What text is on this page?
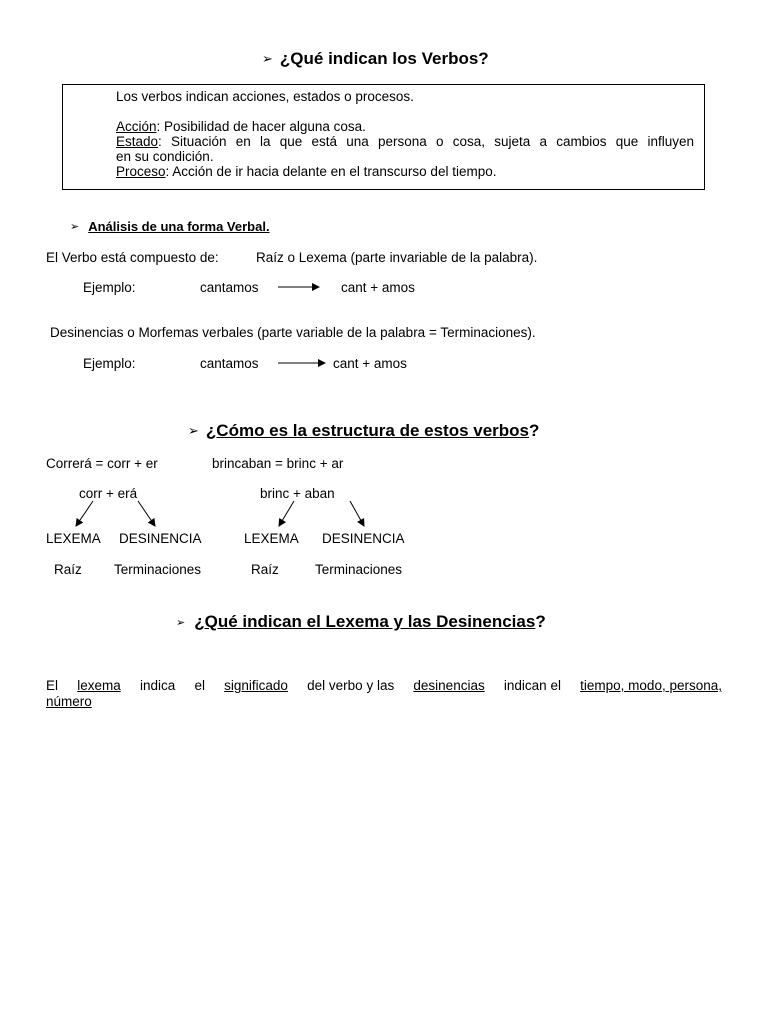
➢ ¿Qué indican los Verbos?
Los verbos indican acciones, estados o procesos.
Acción: Posibilidad de hacer alguna cosa.
Estado: Situación en la que está una persona o cosa, sujeta a cambios que influyen
en su condición.
Proceso: Acción de ir hacia delante en el transcurso del tiempo.
➢ Análisis de una forma Verbal.
El Verbo está compuesto de:	Raíz o Lexema (parte invariable de la palabra).
Ejemplo:	cantamos	cant + amos
Desinencias o Morfemas verbales (parte variable de la palabra = Terminaciones).
Ejemplo:	cantamos	cant + amos
➢ ¿Cómo es la estructura de estos verbos?
Correrá = corr + er	brincaban = brinc + ar
corr + erá	brinc + aban
LEXEMA DESINENCIA	LEXEMA DESINENCIA
Raíz Terminaciones	Raíz	Terminaciones
➢ ¿Qué indican el Lexema y las Desinencias?
El lexema indica el significado del verbo y las desinencias indican el tiempo, modo, persona,
número
